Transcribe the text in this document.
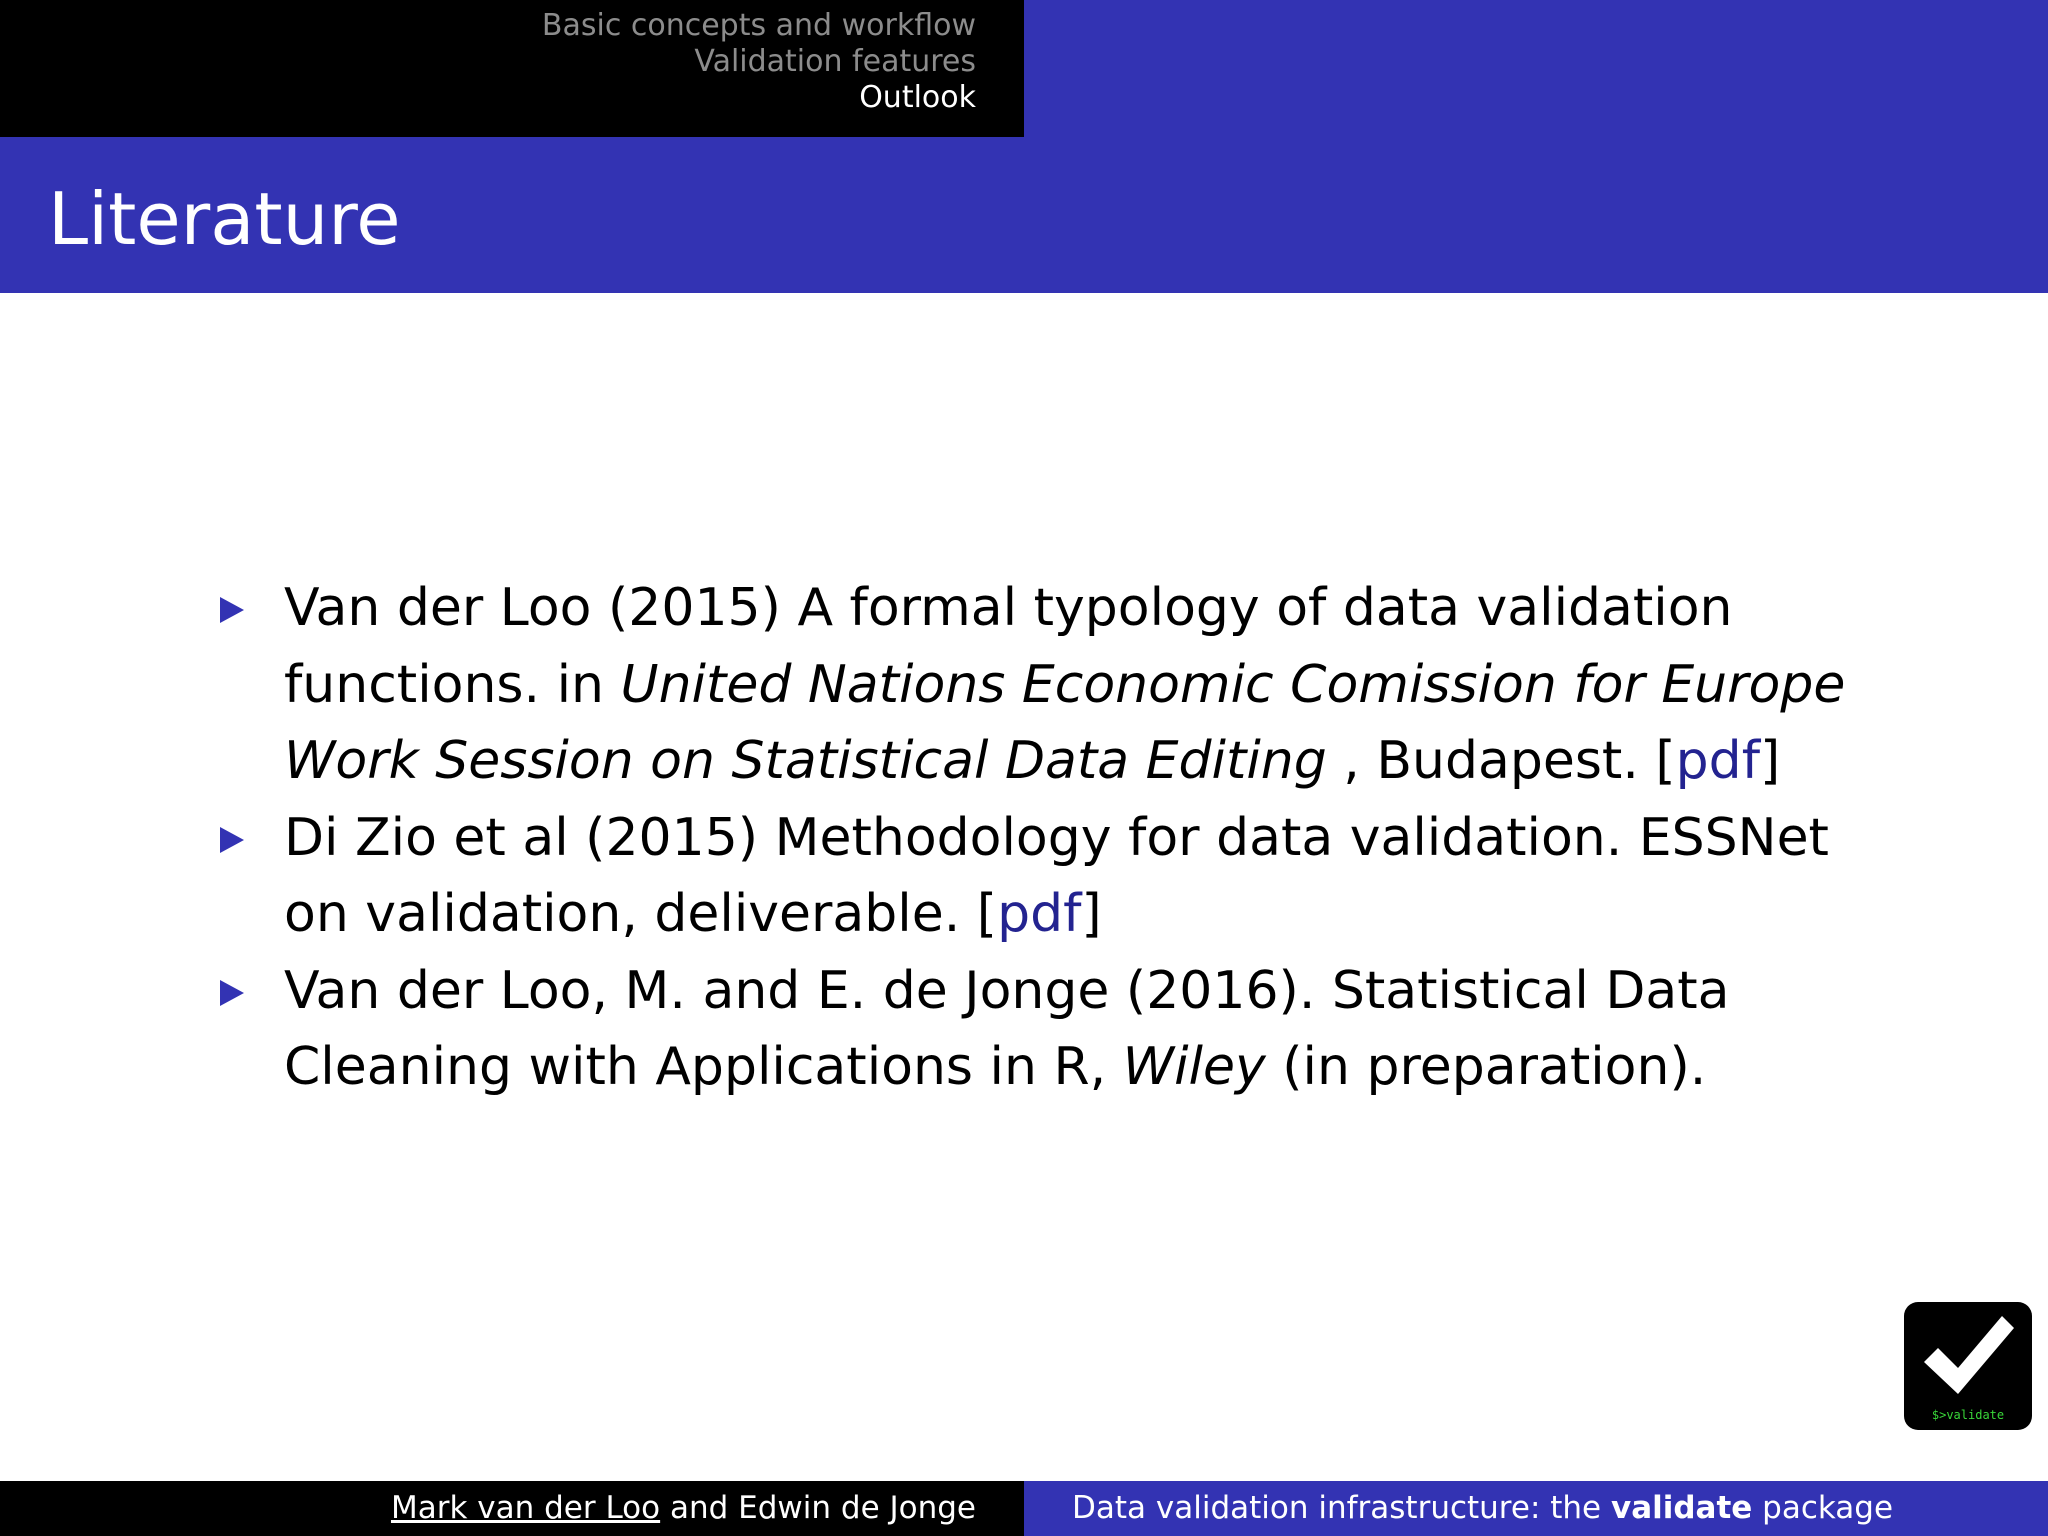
Basic concepts and workflow
Validation features
Outlook
Literature
Van der Loo (2015) A formal typology of data validation functions. in United Nations Economic Comission for Europe Work Session on Statistical Data Editing , Budapest. [pdf]
Di Zio et al (2015) Methodology for data validation. ESSNet on validation, deliverable. [pdf]
Van der Loo, M. and E. de Jonge (2016). Statistical Data Cleaning with Applications in R, Wiley (in preparation).
$>validate
Mark van der Loo and Edwin de Jonge	Data validation infrastructure: the validate package
